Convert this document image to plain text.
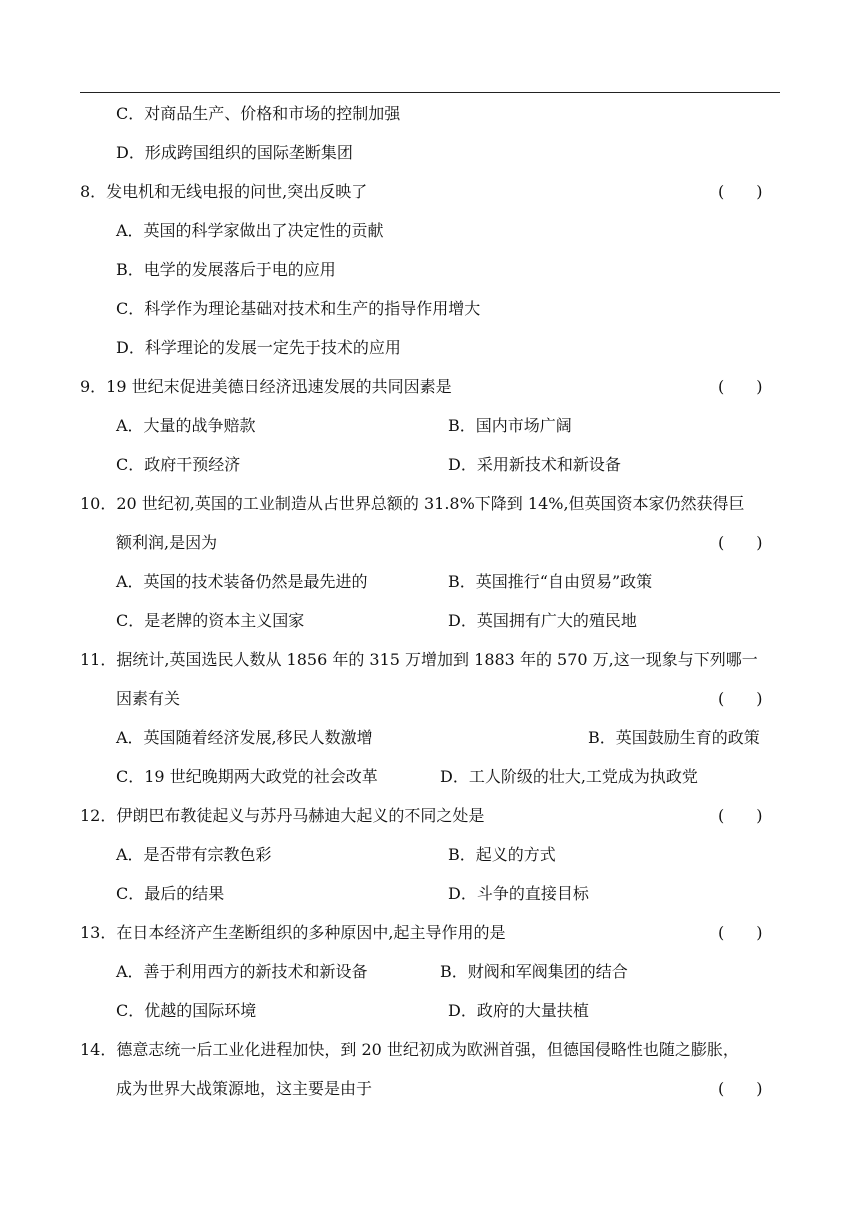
C．对商品生产、价格和市场的控制加强
D．形成跨国组织的国际垄断集团
8．发电机和无线电报的问世,突出反映了	(　　)
A．英国的科学家做出了决定性的贡献
B．电学的发展落后于电的应用
C．科学作为理论基础对技术和生产的指导作用增大
D．科学理论的发展一定先于技术的应用
9．19 世纪末促进美德日经济迅速发展的共同因素是	(　　)
A．大量的战争赔款	B．国内市场广阔
C．政府干预经济	D．采用新技术和新设备
10．20 世纪初,英国的工业制造从占世界总额的 31.8%下降到 14%,但英国资本家仍然获得巨
额利润,是因为	(　　)
A．英国的技术装备仍然是最先进的	B．英国推行“自由贸易”政策
C．是老牌的资本主义国家	D．英国拥有广大的殖民地
11．据统计,英国选民人数从 1856 年的 315 万增加到 1883 年的 570 万,这一现象与下列哪一
因素有关	(　　)
A．英国随着经济发展,移民人数激增	B．英国鼓励生育的政策
C．19 世纪晚期两大政党的社会改革	D．工人阶级的壮大,工党成为执政党
12．伊朗巴布教徒起义与苏丹马赫迪大起义的不同之处是	(　　)
A．是否带有宗教色彩	B．起义的方式
C．最后的结果	D．斗争的直接目标
13．在日本经济产生垄断组织的多种原因中,起主导作用的是	(　　)
A．善于利用西方的新技术和新设备	B．财阀和军阀集团的结合
C．优越的国际环境	D．政府的大量扶植
14．德意志统一后工业化进程加快，到 20 世纪初成为欧洲首强，但德国侵略性也随之膨胀，
成为世界大战策源地，这主要是由于	(　　)
